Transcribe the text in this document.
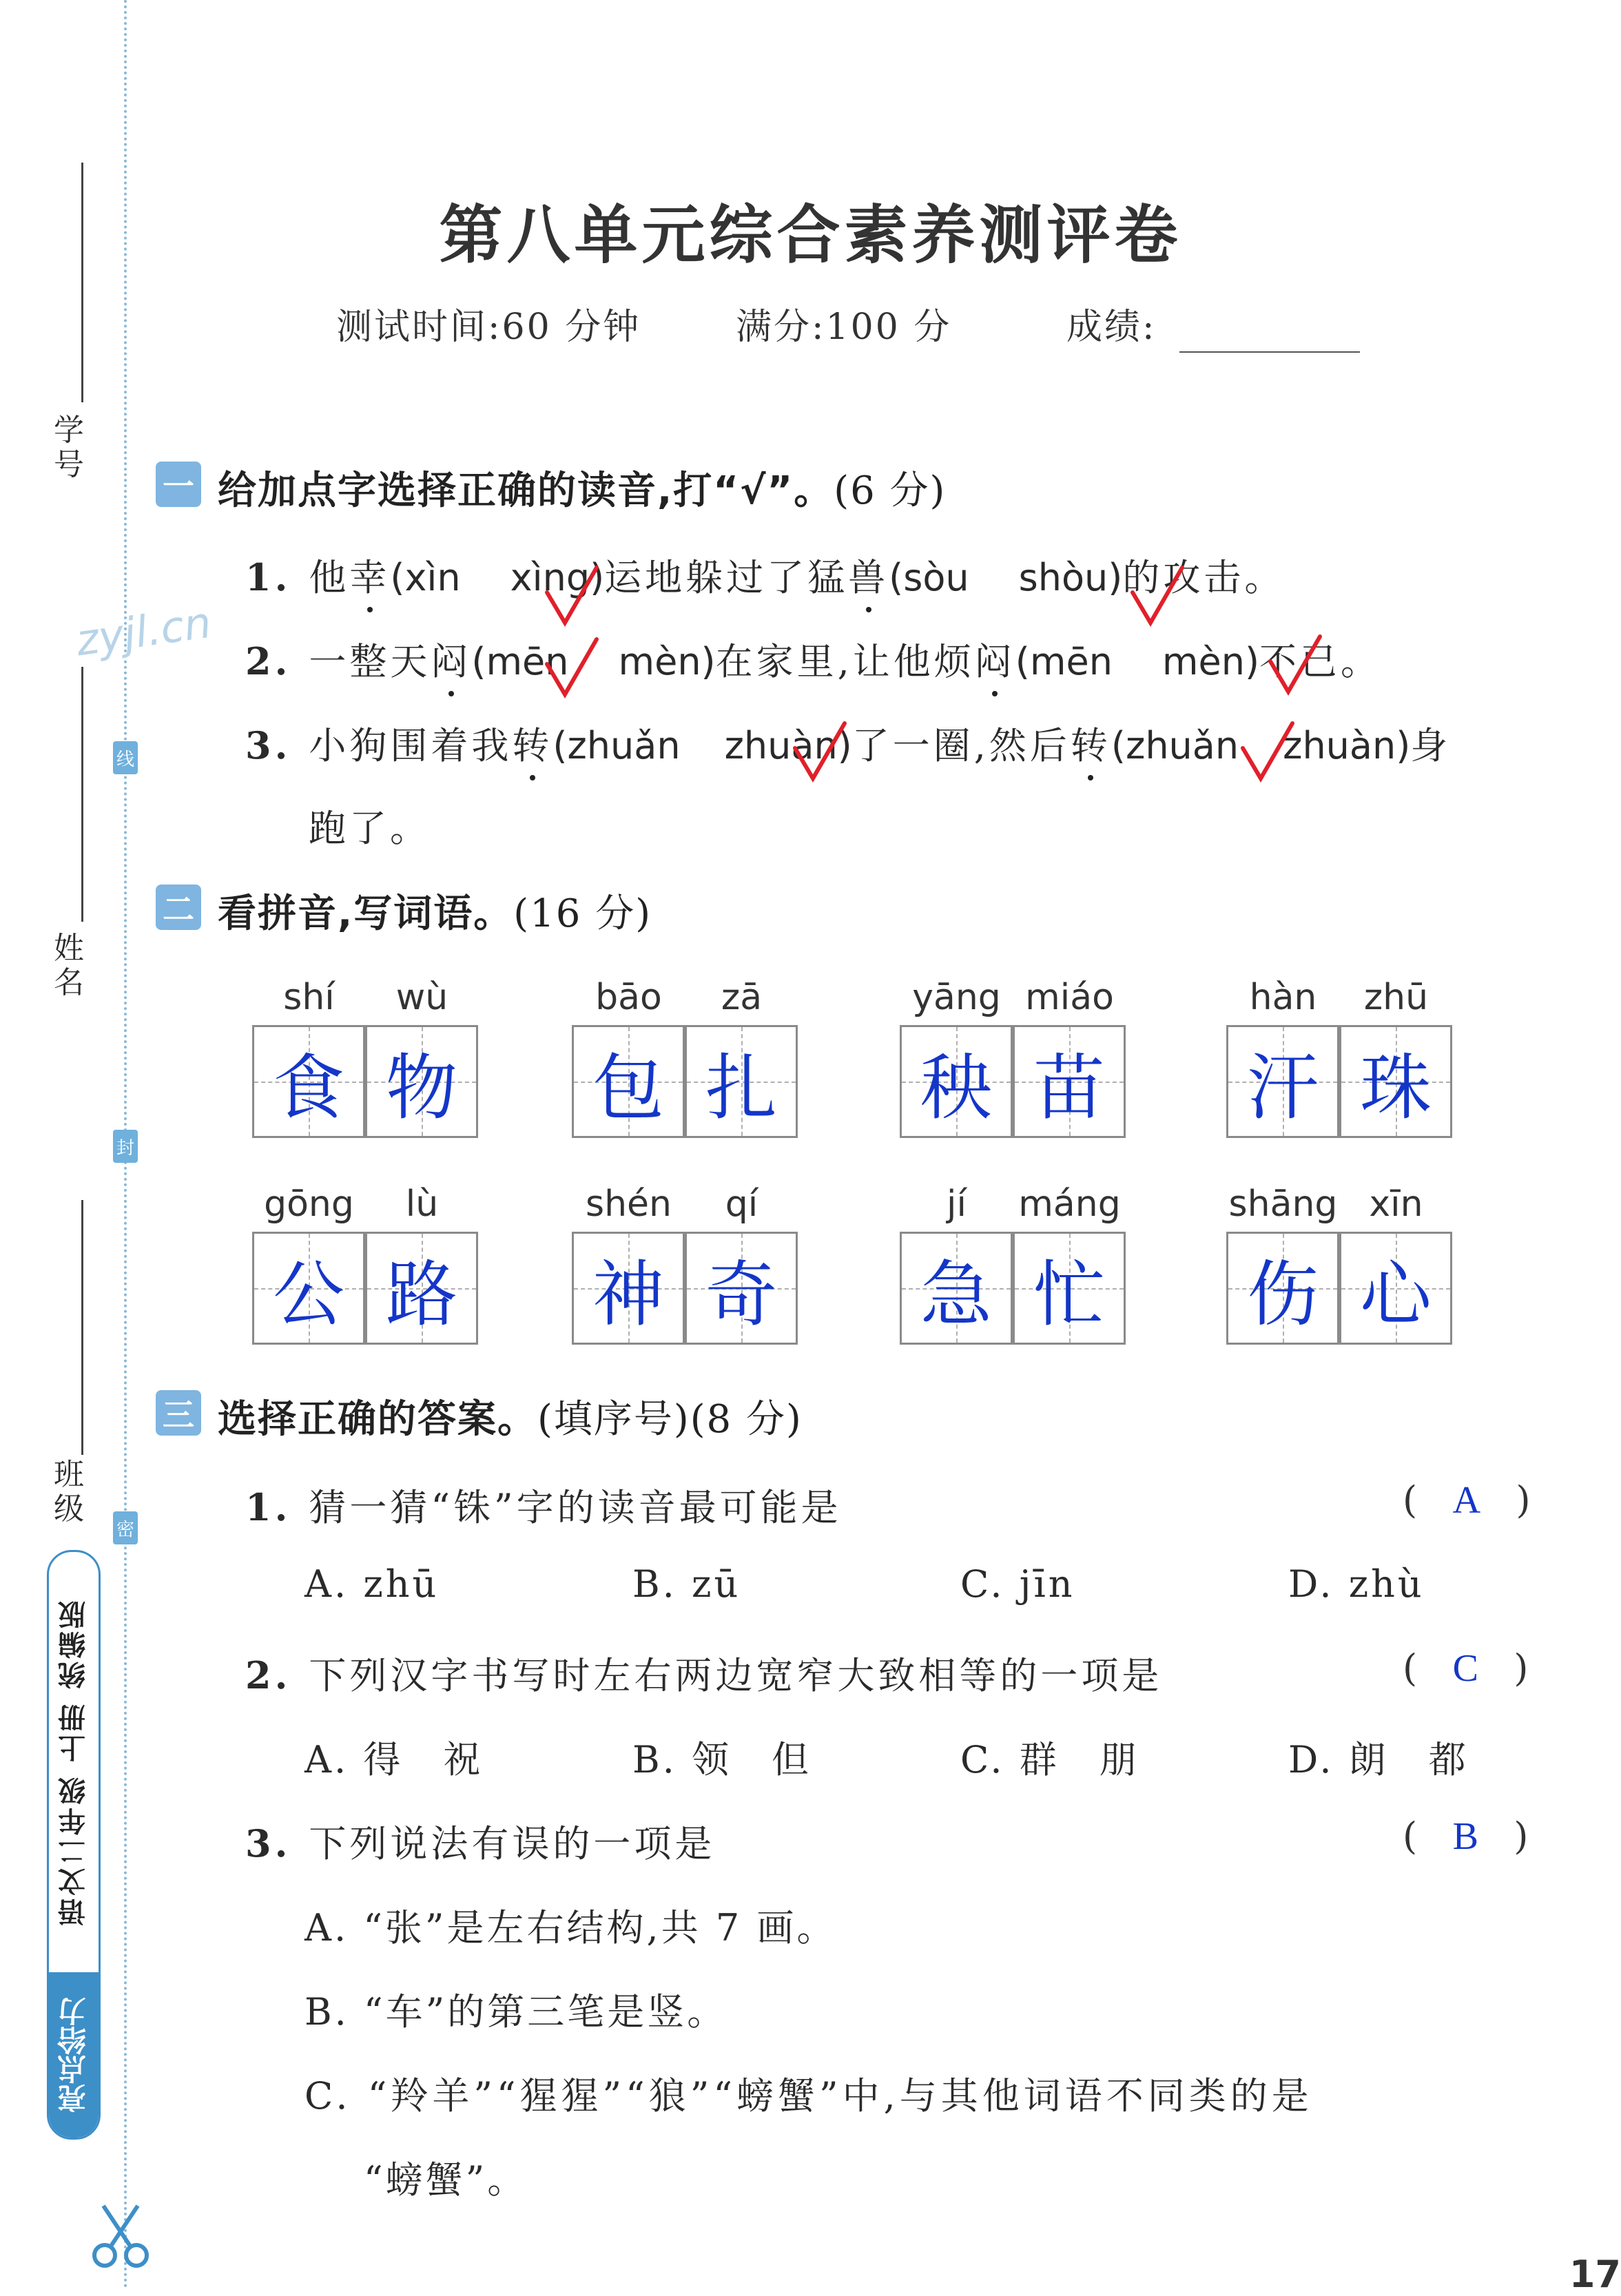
学号
姓名
班级
线
封
密
语文二年级 上册 统编版
亮点给力
zyjl.cn
第八单元综合素养测评卷
测试时间:60 分钟	满分:100 分	成绩:
一 给加点字选择正确的读音,打“√”。(6 分)
1. 他幸(xìn xìng)运地躲过了猛兽(sòu shòu)的攻击。
2. 一整天闷(mēn mèn)在家里,让他烦闷(mēn mèn)不已。
3. 小狗围着我转(zhuǎn zhuàn)了一圈,然后转(zhuǎn zhuàn)身
跑了。
二 看拼音,写词语。(16 分)
shí	wù
食 物
bāo	zā
包 扎
yāng miáo
秧 苗
hàn	zhū
汗 珠
gōng	lù
公 路
shén	qí
神 奇
jí	máng
急 忙
shāng xīn
伤 心
三 选择正确的答案。(填序号)(8 分)
1. 猜一猜“铢”字的读音最可能是	(   A   )
A. zhū	B. zū	C. jīn	D. zhù
2. 下列汉字书写时左右两边宽窄大致相等的一项是	(   C   )
A. 得　祝	B. 领　但	C. 群　朋	D. 朗　都
3. 下列说法有误的一项是	(   B   )
A. “张”是左右结构,共 7 画。
B. “车”的第三笔是竖。
C. “羚羊”“猩猩”“狼”“螃蟹”中,与其他词语不同类的是
“螃蟹”。
17
